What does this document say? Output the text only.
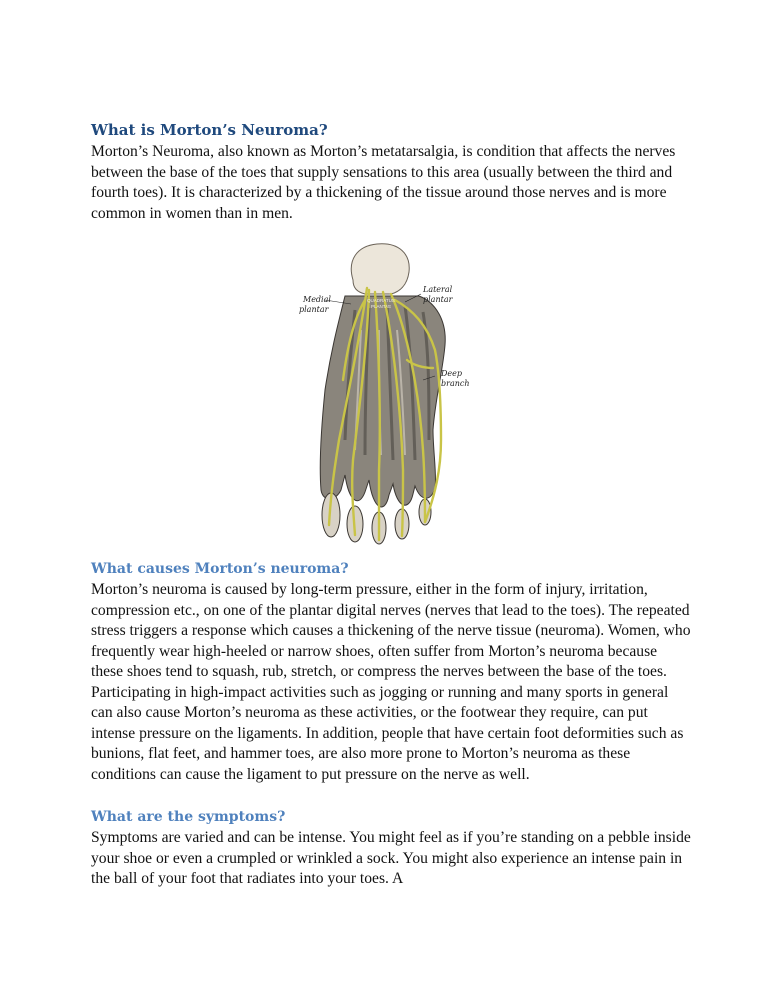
What is Morton’s Neuroma?

Morton’s Neuroma, also known as Morton’s metatarsalgia, is condition that affects the nerves between the base of the toes that supply sensations to this area (usually between the third and fourth toes). It is characterized by a thickening of the tissue around those nerves and is more common in women than in men.

Medial
plantar
Lateral
plantar
Deep
branch
QUADRATUS
PLANTAE
What causes Morton’s neuroma?

Morton’s neuroma is caused by long-term pressure, either in the form of injury, irritation, compression etc., on one of the plantar digital nerves (nerves that lead to the toes). The repeated stress triggers a response which causes a thickening of the nerve tissue (neuroma). Women, who frequently wear high-heeled or narrow shoes, often suffer from Morton’s neuroma because these shoes tend to squash, rub, stretch, or compress the nerves between the base of the toes. Participating in high-impact activities such as jogging or running and many sports in general can also cause Morton’s neuroma as these activities, or the footwear they require, can put intense pressure on the ligaments. In addition, people that have certain foot deformities such as bunions, flat feet, and hammer toes, are also more prone to Morton’s neuroma as these conditions can cause the ligament to put pressure on the nerve as well.

What are the symptoms?

Symptoms are varied and can be intense. You might feel as if you’re standing on a pebble inside your shoe or even a crumpled or wrinkled a sock. You might also experience an intense pain in the ball of your foot that radiates into your toes. A
